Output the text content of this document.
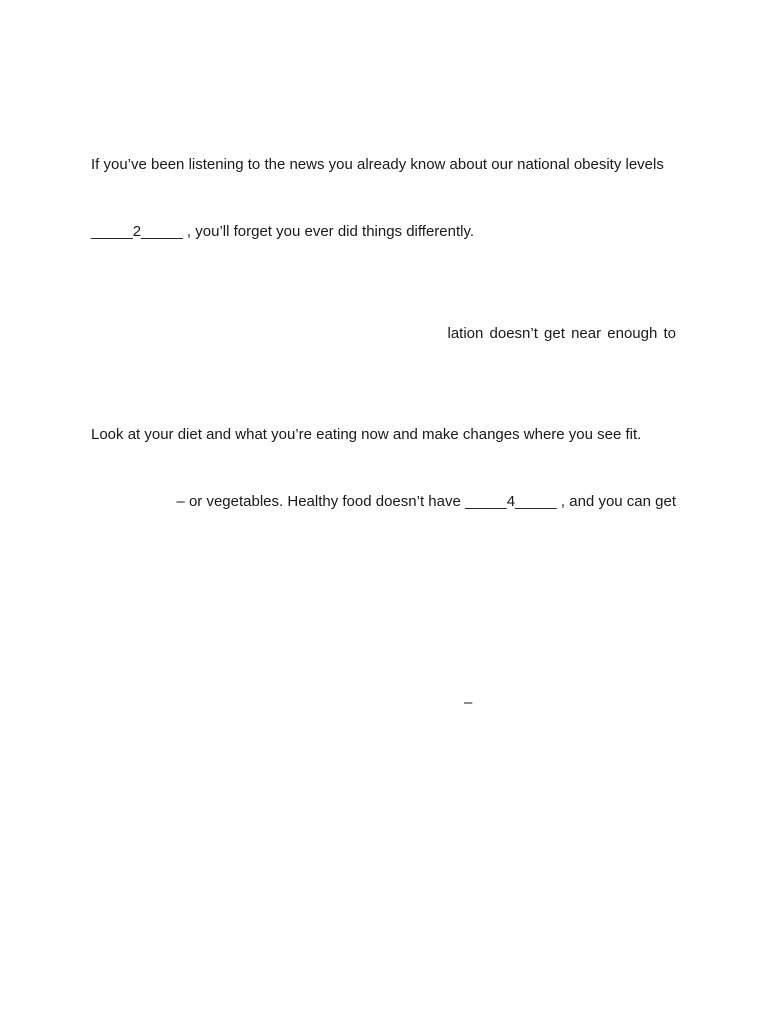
If you’ve been listening to the news you already know about our national obesity levels
_____2_____ , you’ll forget you ever did things differently.
lation doesn’t get near enough to
Look at your diet and what you’re eating now and make changes where you see fit.
– or vegetables. Healthy food doesn’t have _____4_____ , and you can get
–
